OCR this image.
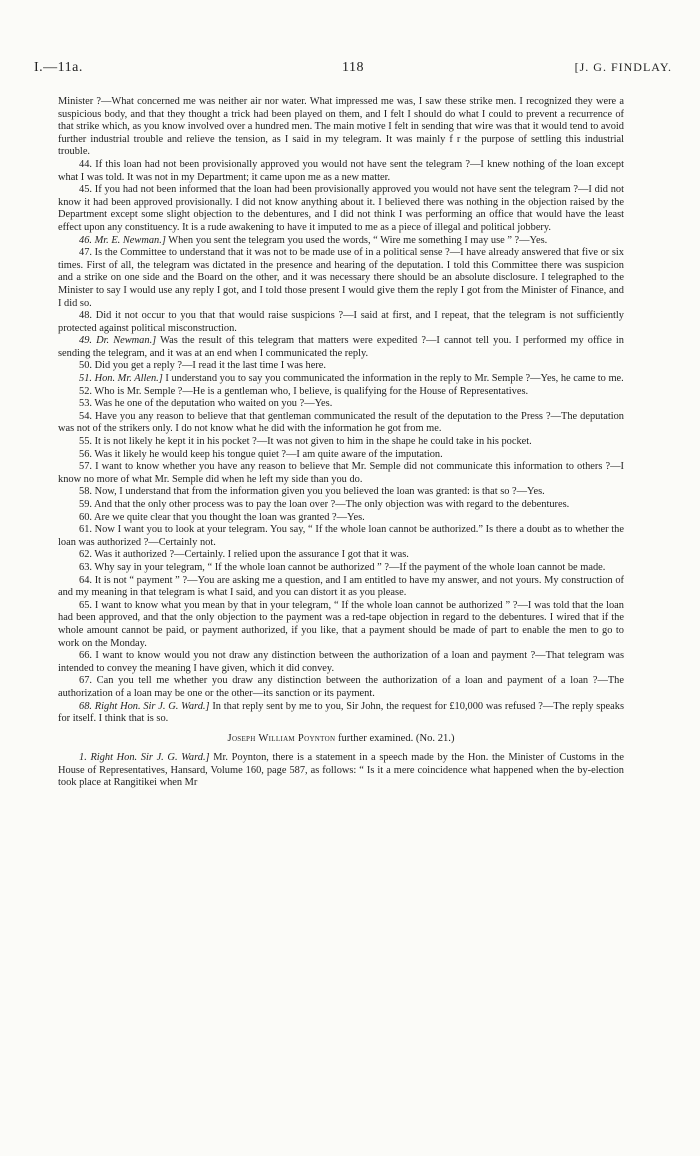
I.—11a.	118	[J. G. FINDLAY.

Minister ?—What concerned me was neither air nor water. What impressed me was, I saw these strike men. I recognized they were a suspicious body, and that they thought a trick had been played on them, and I felt I should do what I could to prevent a recurrence of that strike which, as you know involved over a hundred men. The main motive I felt in sending that wire was that it would tend to avoid further industrial trouble and relieve the tension, as I said in my telegram. It was mainly f r the purpose of settling this industrial trouble.

44. If this loan had not been provisionally approved you would not have sent the telegram ?—I knew nothing of the loan except what I was told. It was not in my Department; it came upon me as a new matter.

45. If you had not been informed that the loan had been provisionally approved you would not have sent the telegram ?—I did not know it had been approved provisionally. I did not know anything about it. I believed there was nothing in the objection raised by the Department except some slight objection to the debentures, and I did not think I was performing an office that would have the least effect upon any constituency. It is a rude awakening to have it imputed to me as a piece of illegal and political jobbery.

46. Mr. E. Newman.] When you sent the telegram you used the words, “ Wire me something I may use ” ?—Yes.

47. Is the Committee to understand that it was not to be made use of in a political sense ?—I have already answered that five or six times. First of all, the telegram was dictated in the presence and hearing of the deputation. I told this Committee there was suspicion and a strike on one side and the Board on the other, and it was necessary there should be an absolute disclosure. I telegraphed to the Minister to say I would use any reply I got, and I told those present I would give them the reply I got from the Minister of Finance, and I did so.

48. Did it not occur to you that that would raise suspicions ?—I said at first, and I repeat, that the telegram is not sufficiently protected against political misconstruction.

49. Dr. Newman.] Was the result of this telegram that matters were expedited ?—I cannot tell you. I performed my office in sending the telegram, and it was at an end when I communicated the reply.

50. Did you get a reply ?—I read it the last time I was here.

51. Hon. Mr. Allen.] I understand you to say you communicated the information in the reply to Mr. Semple ?—Yes, he came to me.

52. Who is Mr. Semple ?—He is a gentleman who, I believe, is qualifying for the House of Representatives.

53. Was he one of the deputation who waited on you ?—Yes.

54. Have you any reason to believe that that gentleman communicated the result of the deputation to the Press ?—The deputation was not of the strikers only. I do not know what he did with the information he got from me.

55. It is not likely he kept it in his pocket ?—It was not given to him in the shape he could take in his pocket.

56. Was it likely he would keep his tongue quiet ?—I am quite aware of the imputation.

57. I want to know whether you have any reason to believe that Mr. Semple did not communicate this information to others ?—I know no more of what Mr. Semple did when he left my side than you do.

58. Now, I understand that from the information given you you believed the loan was granted: is that so ?—Yes.

59. And that the only other process was to pay the loan over ?—The only objection was with regard to the debentures.

60. Are we quite clear that you thought the loan was granted ?—Yes.

61. Now I want you to look at your telegram. You say, “ If the whole loan cannot be authorized.” Is there a doubt as to whether the loan was authorized ?—Certainly not.

62. Was it authorized ?—Certainly. I relied upon the assurance I got that it was.

63. Why say in your telegram, “ If the whole loan cannot be authorized ” ?—If the payment of the whole loan cannot be made.

64. It is not “ payment ” ?—You are asking me a question, and I am entitled to have my answer, and not yours. My construction of and my meaning in that telegram is what I said, and you can distort it as you please.

65. I want to know what you mean by that in your telegram, “ If the whole loan cannot be authorized ” ?—I was told that the loan had been approved, and that the only objection to the payment was a red-tape objection in regard to the debentures. I wired that if the whole amount cannot be paid, or payment authorized, if you like, that a payment should be made of part to enable the men to go to work on the Monday.

66. I want to know would you not draw any distinction between the authorization of a loan and payment ?—That telegram was intended to convey the meaning I have given, which it did convey.

67. Can you tell me whether you draw any distinction between the authorization of a loan and payment of a loan ?—The authorization of a loan may be one or the other—its sanction or its payment.

68. Right Hon. Sir J. G. Ward.] In that reply sent by me to you, Sir John, the request for £10,000 was refused ?—The reply speaks for itself. I think that is so.

Joseph William Poynton further examined. (No. 21.)

1. Right Hon. Sir J. G. Ward.] Mr. Poynton, there is a statement in a speech made by the Hon. the Minister of Customs in the House of Representatives, Hansard, Volume 160, page 587, as follows: “ Is it a mere coincidence what happened when the by-election took place at Rangitikei when Mr
